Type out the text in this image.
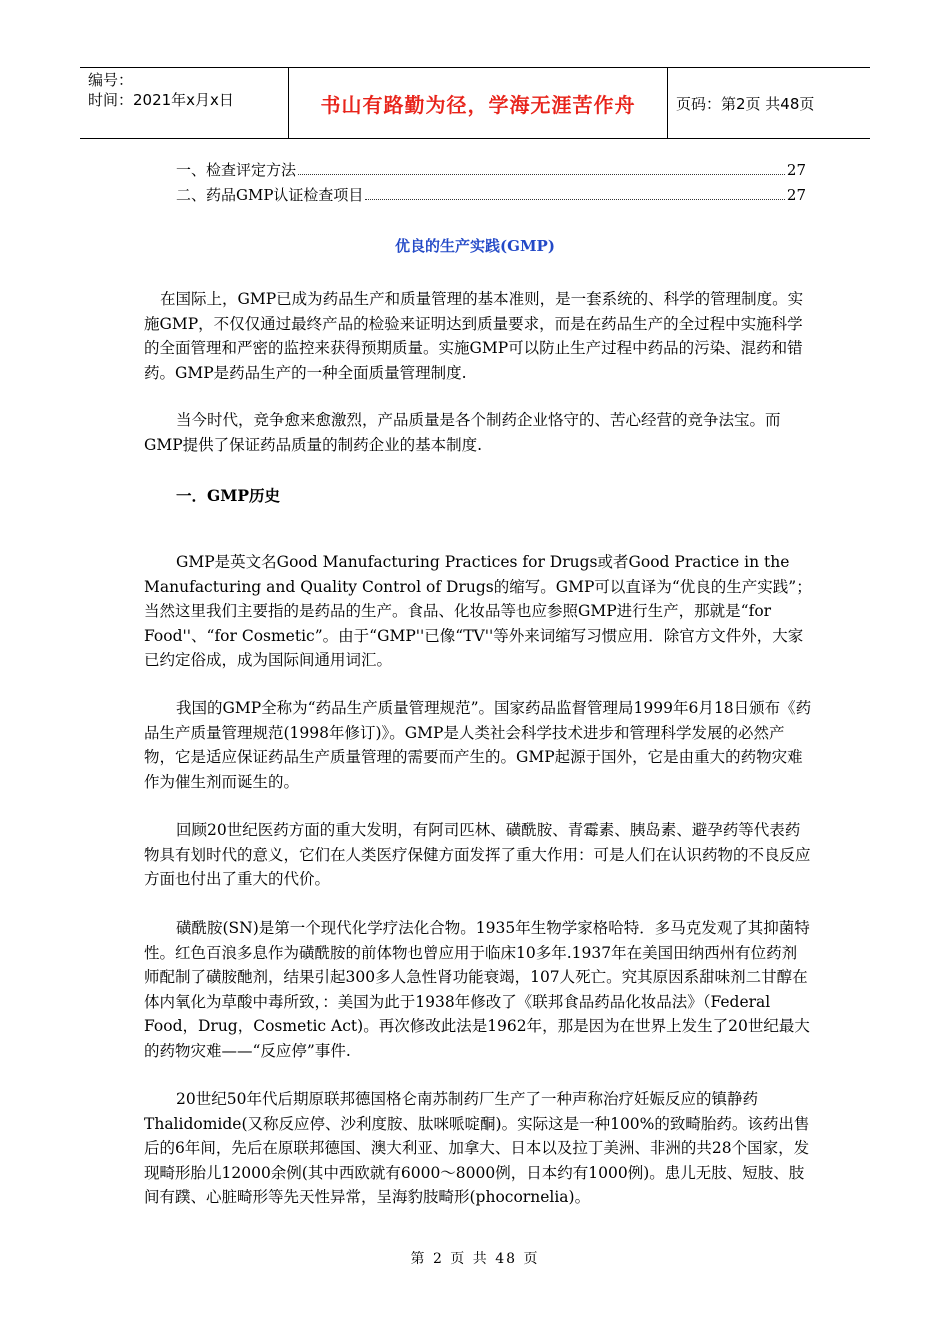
编号：
时间：2021年x月x日	书山有路勤为径，学海无涯苦作舟	页码：第2页 共48页
一、检查评定方法	27
二、药品GMP认证检查项目	27
优良的生产实践(GMP)

在国际上，GMP已成为药品生产和质量管理的基本准则，是一套系统的、科学的管理制度。实施GMP，不仅仅通过最终产品的检验来证明达到质量要求，而是在药品生产的全过程中实施科学的全面管理和严密的监控来获得预期质量。实施GMP可以防止生产过程中药品的污染、混药和错药。GMP是药品生产的一种全面质量管理制度.

当今时代，竞争愈来愈激烈，产品质量是各个制药企业恪守的、苦心经营的竞争法宝。而GMP提供了保证药品质量的制药企业的基本制度.

一．GMP历史

GMP是英文名Good Manufacturing Practices for Drugs或者Good Practice in the Manufacturing and Quality Control of Drugs的缩写。GMP可以直译为“优良的生产实践”；当然这里我们主要指的是药品的生产。食品、化妆品等也应参照GMP进行生产，那就是“for Food''、“for Cosmetic”。由于“GMP''已像“TV''等外来词缩写习惯应用．除官方文件外，大家已约定俗成，成为国际间通用词汇。

我国的GMP全称为“药品生产质量管理规范”。国家药品监督管理局1999年6月18日颁布《药品生产质量管理规范(1998年修订)》。GMP是人类社会科学技术进步和管理科学发展的必然产物，它是适应保证药品生产质量管理的需要而产生的。GMP起源于国外，它是由重大的药物灾难作为催生剂而诞生的。

回顾20世纪医药方面的重大发明，有阿司匹林、磺酰胺、青霉素、胰岛素、避孕药等代表药物具有划时代的意义，它们在人类医疗保健方面发挥了重大作用：可是人们在认识药物的不良反应方面也付出了重大的代价。

磺酰胺(SN)是第一个现代化学疗法化合物。1935年生物学家格哈特．多马克发观了其抑菌特性。红色百浪多息作为磺酰胺的前体物也曾应用于临床10多年.1937年在美国田纳西州有位药剂师配制了磺胺酏剂，结果引起300多人急性肾功能衰竭，107人死亡。究其原因系甜味剂二甘醇在体内氧化为草酸中毒所致，：美国为此于1938年修改了《联邦食品药品化妆品法》（Federal Food，Drug，Cosmetic Act)。再次修改此法是1962年，那是因为在世界上发生了20世纪最大的药物灾难——“反应停”事件.

20世纪50年代后期原联邦德国格仑南苏制药厂生产了一种声称治疗妊娠反应的镇静药Thalidomide(又称反应停、沙利度胺、肽咪哌啶酮)。实际这是一种100%的致畸胎药。该药出售后的6年间，先后在原联邦德国、澳大利亚、加拿大、日本以及拉丁美洲、非洲的共28个国家，发现畸形胎儿12000余例(其中西欧就有6000～8000例，日本约有1000例)。患儿无肢、短肢、肢间有蹼、心脏畸形等先天性异常，呈海豹肢畸形(phocornelia)。

第 2 页 共 48 页
